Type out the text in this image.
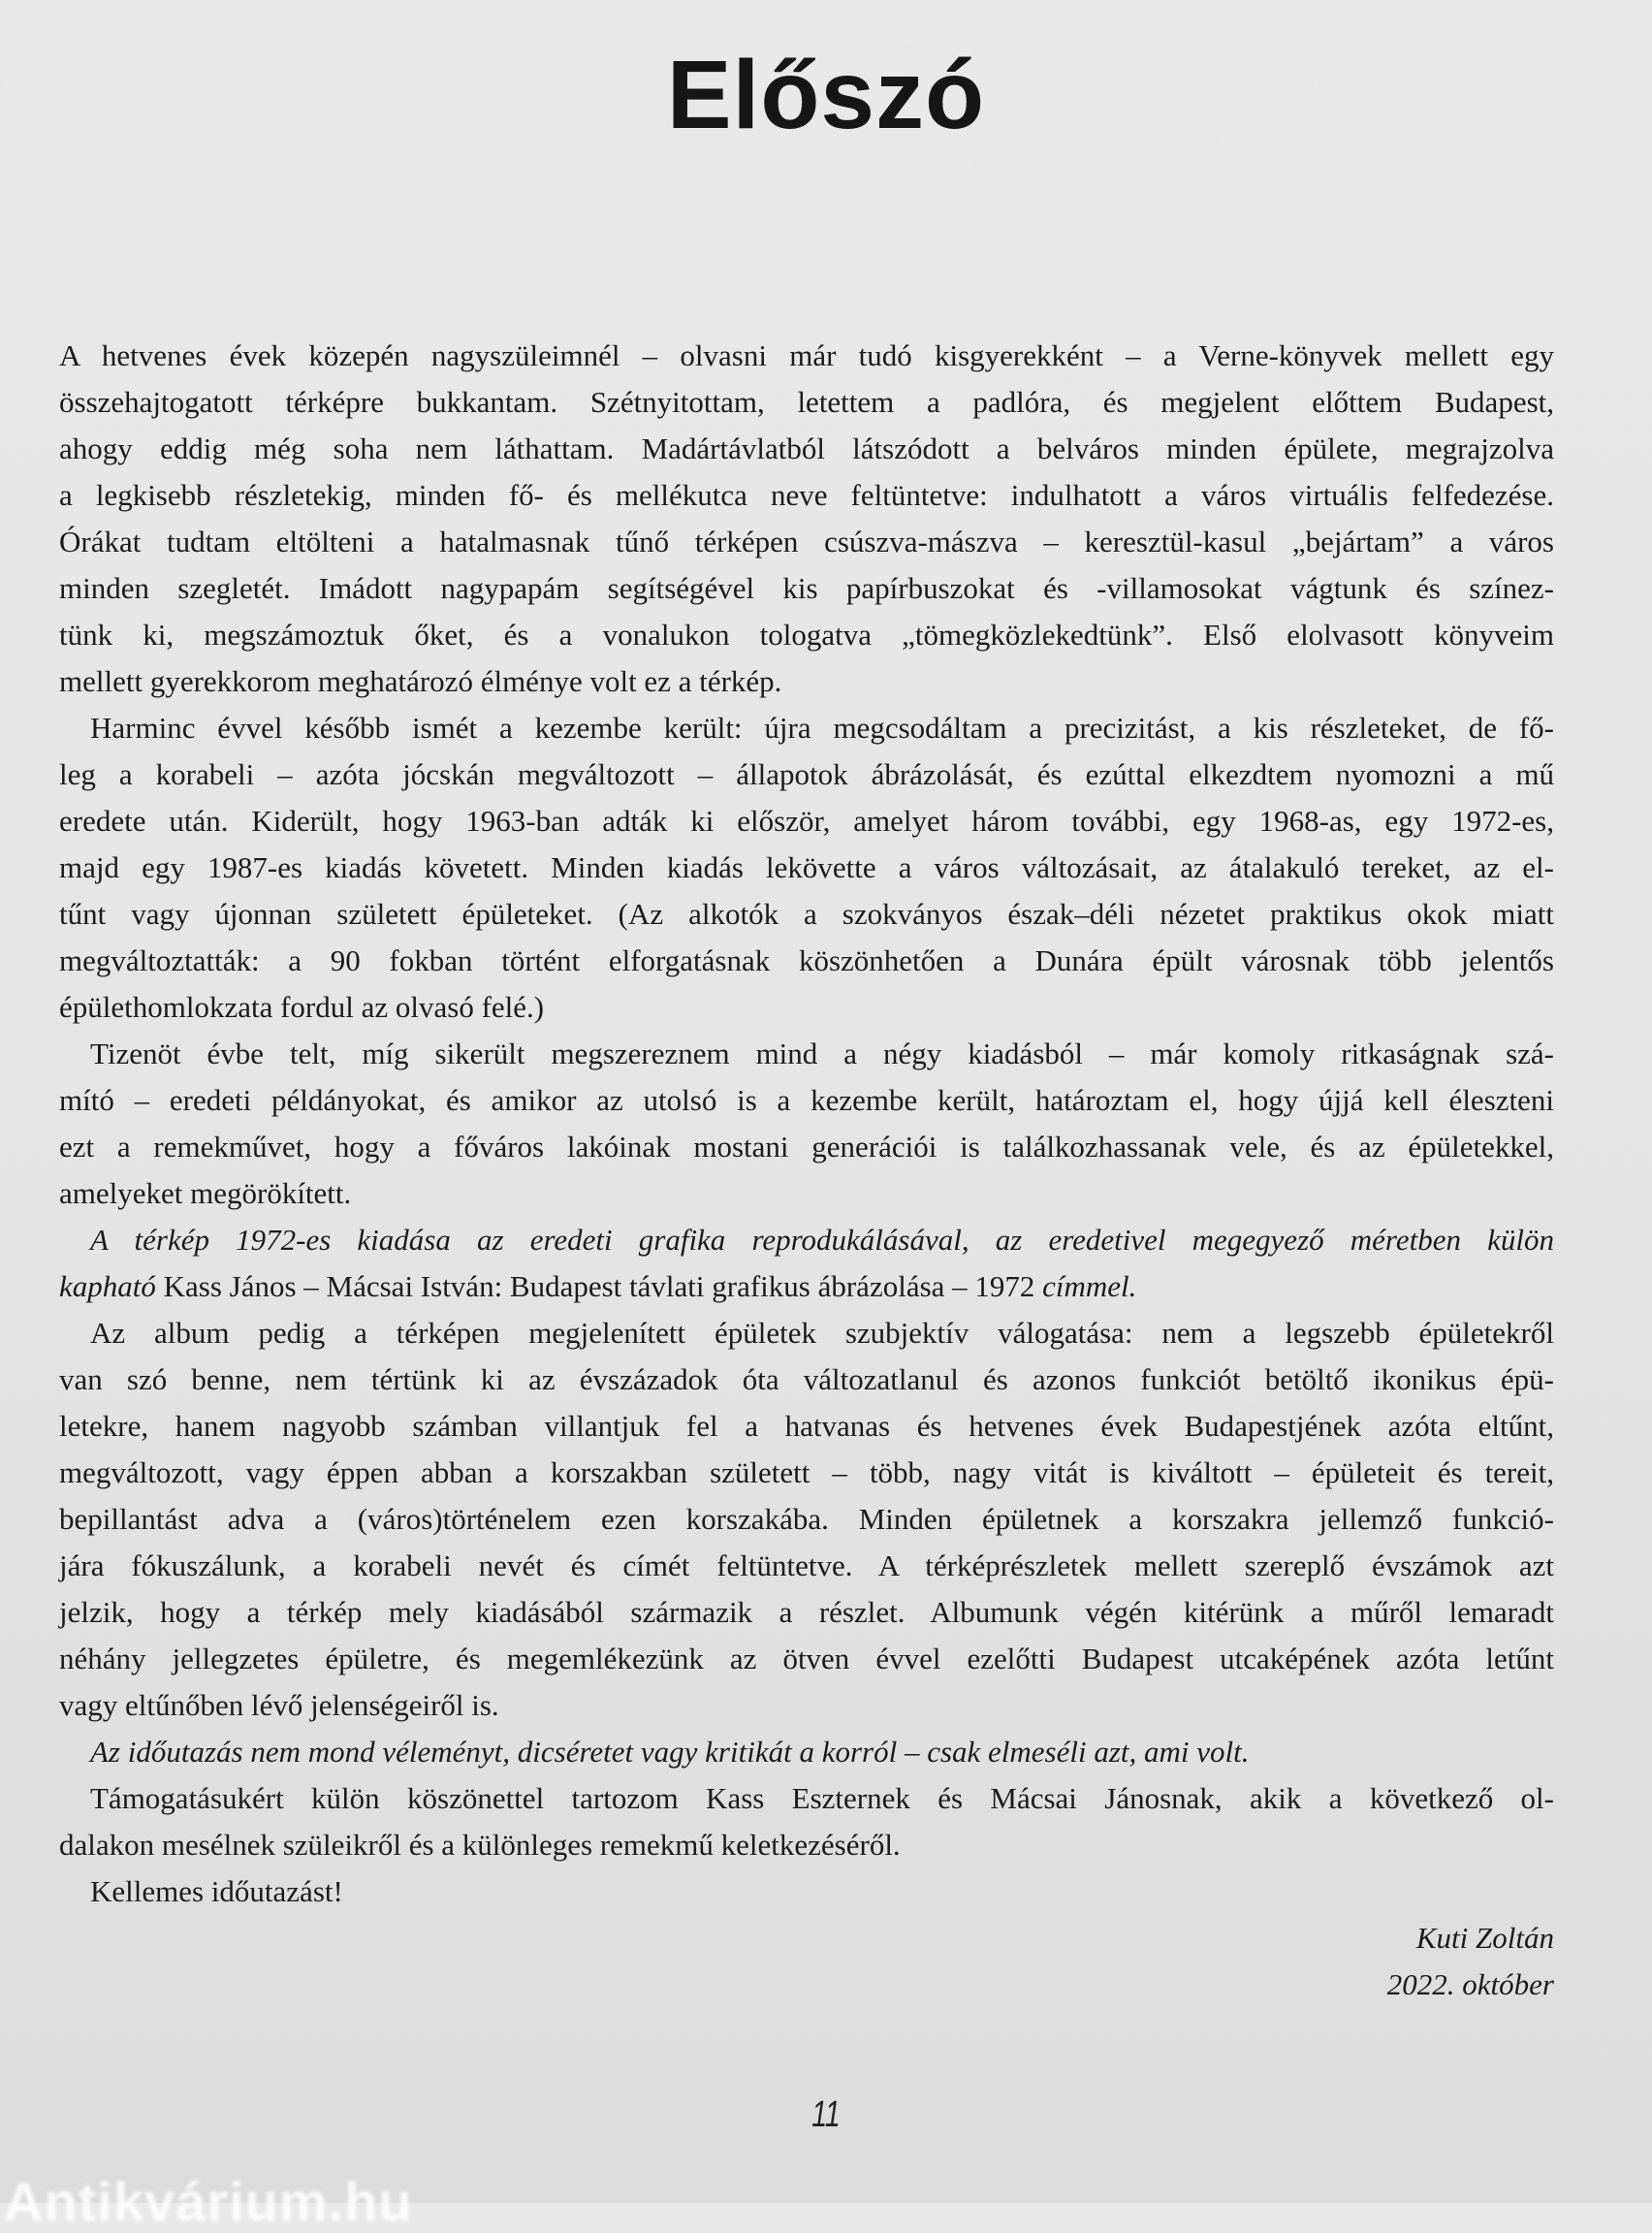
Előszó
A hetvenes évek közepén nagyszüleimnél – olvasni már tudó kisgyerekként – a Verne-könyvek mellett egy
összehajtogatott térképre bukkantam. Szétnyitottam, letettem a padlóra, és megjelent előttem Budapest,
ahogy eddig még soha nem láthattam. Madártávlatból látszódott a belváros minden épülete, megrajzolva
a legkisebb részletekig, minden fő- és mellékutca neve feltüntetve: indulhatott a város virtuális felfedezése.
Órákat tudtam eltölteni a hatalmasnak tűnő térképen csúszva-mászva – keresztül-kasul „bejártam” a város
minden szegletét. Imádott nagypapám segítségével kis papírbuszokat és -villamosokat vágtunk és színez-
tünk ki, megszámoztuk őket, és a vonalukon tologatva „tömegközlekedtünk”. Első elolvasott könyveim
mellett gyerekkorom meghatározó élménye volt ez a térkép.
Harminc évvel később ismét a kezembe került: újra megcsodáltam a precizitást, a kis részleteket, de fő-
leg a korabeli – azóta jócskán megváltozott – állapotok ábrázolását, és ezúttal elkezdtem nyomozni a mű
eredete után. Kiderült, hogy 1963-ban adták ki először, amelyet három további, egy 1968-as, egy 1972-es,
majd egy 1987-es kiadás követett. Minden kiadás lekövette a város változásait, az átalakuló tereket, az el-
tűnt vagy újonnan született épületeket. (Az alkotók a szokványos észak–déli nézetet praktikus okok miatt
megváltoztatták: a 90 fokban történt elforgatásnak köszönhetően a Dunára épült városnak több jelentős
épülethomlokzata fordul az olvasó felé.)
Tizenöt évbe telt, míg sikerült megszereznem mind a négy kiadásból – már komoly ritkaságnak szá-
mító – eredeti példányokat, és amikor az utolsó is a kezembe került, határoztam el, hogy újjá kell éleszteni
ezt a remekművet, hogy a főváros lakóinak mostani generációi is találkozhassanak vele, és az épületekkel,
amelyeket megörökített.
A térkép 1972-es kiadása az eredeti grafika reprodukálásával, az eredetivel megegyező méretben külön
kapható Kass János – Mácsai István: Budapest távlati grafikus ábrázolása – 1972 címmel.
Az album pedig a térképen megjelenített épületek szubjektív válogatása: nem a legszebb épületekről
van szó benne, nem tértünk ki az évszázadok óta változatlanul és azonos funkciót betöltő ikonikus épü-
letekre, hanem nagyobb számban villantjuk fel a hatvanas és hetvenes évek Budapestjének azóta eltűnt,
megváltozott, vagy éppen abban a korszakban született – több, nagy vitát is kiváltott – épületeit és tereit,
bepillantást adva a (város)történelem ezen korszakába. Minden épületnek a korszakra jellemző funkció-
jára fókuszálunk, a korabeli nevét és címét feltüntetve. A térképrészletek mellett szereplő évszámok azt
jelzik, hogy a térkép mely kiadásából származik a részlet. Albumunk végén kitérünk a műről lemaradt
néhány jellegzetes épületre, és megemlékezünk az ötven évvel ezelőtti Budapest utcaképének azóta letűnt
vagy eltűnőben lévő jelenségeiről is.
Az időutazás nem mond véleményt, dicséretet vagy kritikát a korról – csak elmeséli azt, ami volt.
Támogatásukért külön köszönettel tartozom Kass Eszternek és Mácsai Jánosnak, akik a következő ol-
dalakon mesélnek szüleikről és a különleges remekmű keletkezéséről.
Kellemes időutazást!
Kuti Zoltán
2022. október
11
Antikvárium.hu
